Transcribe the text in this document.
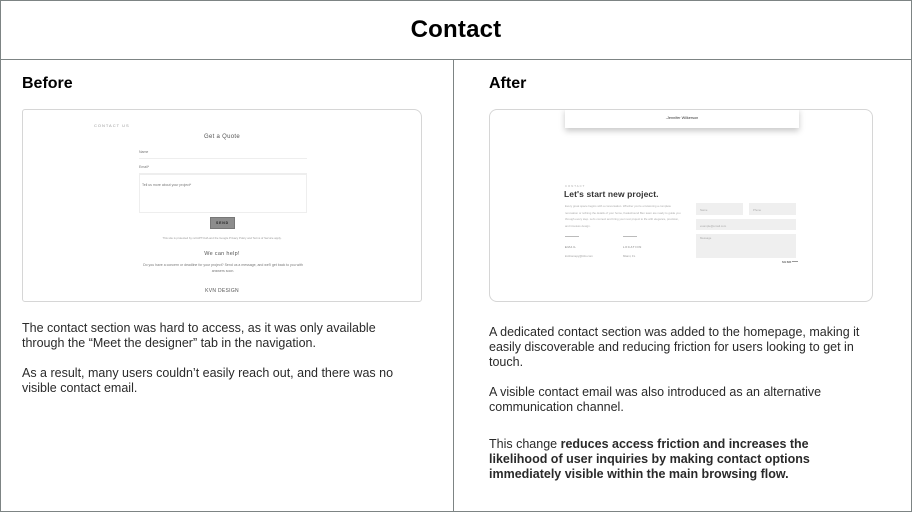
Contact
Before
CONTACT US
Get a Quote
Name
Email*
Tell us more about your project*
SEND
This site is protected by reCAPTCHA and the Google Privacy Policy and Terms of Service apply.
We can help!
Do you have a concern or deadline for your project? Send us a message, and we'll get back to you with answers soon.
KVN DESIGN

The contact section was hard to access, as it was only available through the “Meet the designer” tab in the navigation.

As a result, many users couldn’t easily reach out, and there was no visible contact email.

After
-Jennifer Wilkerson
CONTACT
Let's start new project.
Every great space begins with a conversation. Whether you're envisioning a complete renovation or refining the details of your home, Kadeshound Ben team are ready to guide you through every step. Let's connect and bring your next project to life with elegance, precision, and timeless design.
EMAIL	LOCATION
kvnhomepy@info.com	Miami, FL
Name	Phone
example@email.com
Message
SEND

A dedicated contact section was added to the homepage, making it easily discoverable and reducing friction for users looking to get in touch.

A visible contact email was also introduced as an alternative communication channel.

This change reduces access friction and increases the likelihood of user inquiries by making contact options immediately visible within the main browsing flow.
